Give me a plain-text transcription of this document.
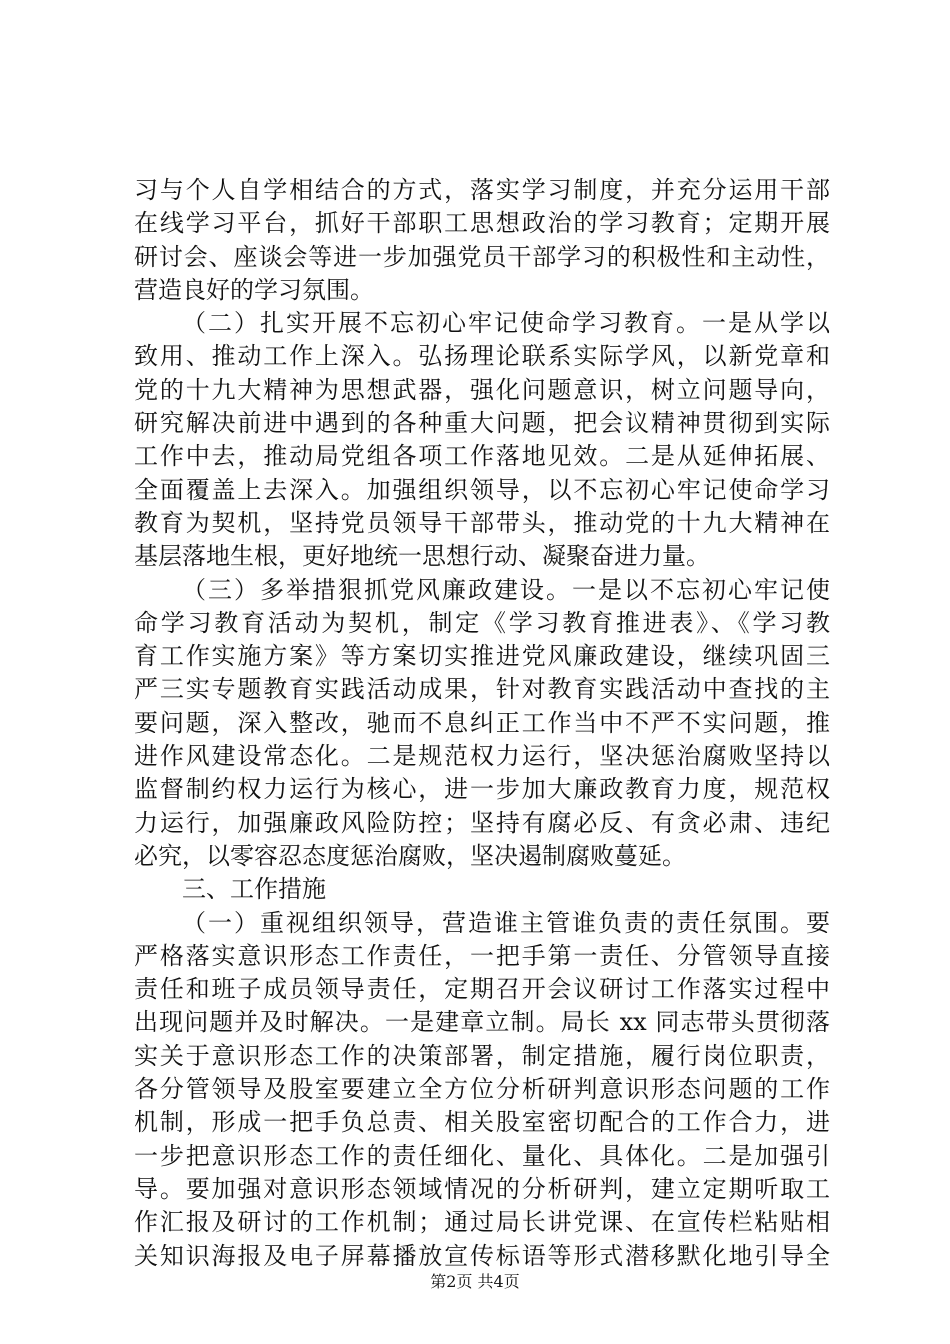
习与个人自学相结合的方式，落实学习制度，并充分运用干部
在线学习平台，抓好干部职工思想政治的学习教育；定期开展
研讨会、座谈会等进一步加强党员干部学习的积极性和主动性，
营造良好的学习氛围。
（二）扎实开展不忘初心牢记使命学习教育。一是从学以
致用、推动工作上深入。弘扬理论联系实际学风，以新党章和
党的十九大精神为思想武器，强化问题意识，树立问题导向，
研究解决前进中遇到的各种重大问题，把会议精神贯彻到实际
工作中去，推动局党组各项工作落地见效。二是从延伸拓展、
全面覆盖上去深入。加强组织领导，以不忘初心牢记使命学习
教育为契机，坚持党员领导干部带头，推动党的十九大精神在
基层落地生根，更好地统一思想行动、凝聚奋进力量。
（三）多举措狠抓党风廉政建设。一是以不忘初心牢记使
命学习教育活动为契机，制定《学习教育推进表》、《学习教
育工作实施方案》等方案切实推进党风廉政建设，继续巩固三
严三实专题教育实践活动成果，针对教育实践活动中查找的主
要问题，深入整改，驰而不息纠正工作当中不严不实问题，推
进作风建设常态化。二是规范权力运行，坚决惩治腐败坚持以
监督制约权力运行为核心，进一步加大廉政教育力度，规范权
力运行，加强廉政风险防控；坚持有腐必反、有贪必肃、违纪
必究，以零容忍态度惩治腐败，坚决遏制腐败蔓延。
三、工作措施
（一）重视组织领导，营造谁主管谁负责的责任氛围。要
严格落实意识形态工作责任，一把手第一责任、分管领导直接
责任和班子成员领导责任，定期召开会议研讨工作落实过程中
出现问题并及时解决。一是建章立制。局长 xx 同志带头贯彻落
实关于意识形态工作的决策部署，制定措施，履行岗位职责，
各分管领导及股室要建立全方位分析研判意识形态问题的工作
机制，形成一把手负总责、相关股室密切配合的工作合力，进
一步把意识形态工作的责任细化、量化、具体化。二是加强引
导。要加强对意识形态领域情况的分析研判，建立定期听取工
作汇报及研讨的工作机制；通过局长讲党课、在宣传栏粘贴相
关知识海报及电子屏幕播放宣传标语等形式潜移默化地引导全
第2页 共4页
